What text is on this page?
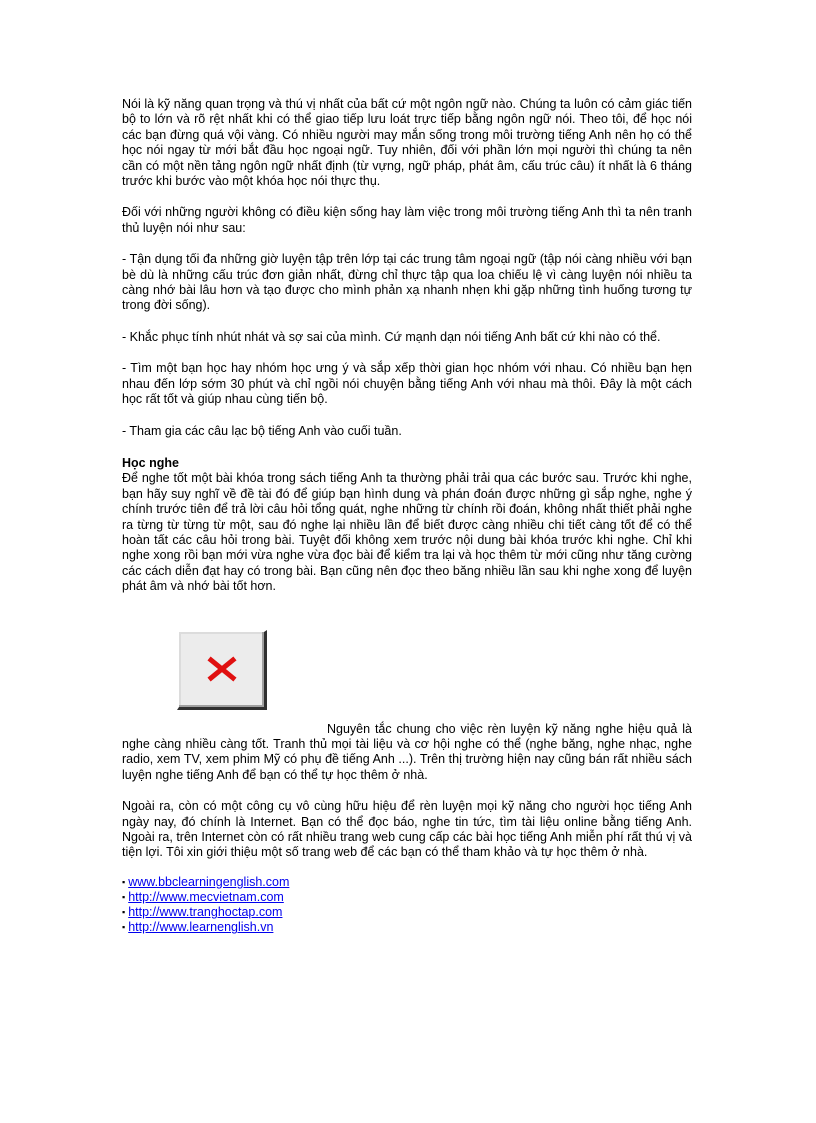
Nói là kỹ năng quan trọng và thú vị nhất của bất cứ một ngôn ngữ nào. Chúng ta luôn có cảm giác tiến bộ to lớn và rõ rệt nhất khi có thể giao tiếp lưu loát trực tiếp bằng ngôn ngữ nói. Theo tôi, để học nói các bạn đừng quá vội vàng. Có nhiều người may mắn sống trong môi trường tiếng Anh nên họ có thể học nói ngay từ mới bắt đầu học ngoại ngữ. Tuy nhiên, đối với phần lớn mọi người thì chúng ta nên cần có một nền tảng ngôn ngữ nhất định (từ vựng, ngữ pháp, phát âm, cấu trúc câu) ít nhất là 6 tháng trước khi bước vào một khóa học nói thực thụ.

Đối với những người không có điều kiện sống hay làm việc trong môi trường tiếng Anh thì ta nên tranh thủ luyện nói như sau:

- Tận dụng tối đa những giờ luyện tập trên lớp tại các trung tâm ngoại ngữ (tập nói càng nhiều với bạn bè dù là những cấu trúc đơn giản nhất, đừng chỉ thực tập qua loa chiếu lệ vì càng luyện nói nhiều ta càng nhớ bài lâu hơn và tạo được cho mình phản xạ nhanh nhẹn khi gặp những tình huống tương tự trong đời sống).

- Khắc phục tính nhút nhát và sợ sai của mình. Cứ mạnh dạn nói tiếng Anh bất cứ khi nào có thể.

- Tìm một bạn học hay nhóm học ưng ý và sắp xếp thời gian học nhóm với nhau. Có nhiều bạn hẹn nhau đến lớp sớm 30 phút và chỉ ngồi nói chuyện bằng tiếng Anh với nhau mà thôi. Đây là một cách học rất tốt và giúp nhau cùng tiến bộ.

- Tham gia các câu lạc bộ tiếng Anh vào cuối tuần.

Học nghe

Để nghe tốt một bài khóa trong sách tiếng Anh ta thường phải trải qua các bước sau. Trước khi nghe, bạn hãy suy nghĩ về đề tài đó để giúp bạn hình dung và phán đoán được những gì sắp nghe, nghe ý chính trước tiên để trả lời câu hỏi tổng quát, nghe những từ chính rồi đoán, không nhất thiết phải nghe ra từng từ từng từ một, sau đó nghe lại nhiều lần để biết được càng nhiều chi tiết càng tốt để có thể hoàn tất các câu hỏi trong bài. Tuyệt đối không xem trước nội dung bài khóa trước khi nghe. Chỉ khi nghe xong rồi bạn mới vừa nghe vừa đọc bài để kiểm tra lại và học thêm từ mới cũng như tăng cường các cách diễn đạt hay có trong bài. Bạn cũng nên đọc theo băng nhiều lần sau khi nghe xong để luyện phát âm và nhớ bài tốt hơn.

Nguyên tắc chung cho việc rèn luyện kỹ năng nghe hiệu quả là nghe càng nhiều càng tốt. Tranh thủ mọi tài liệu và cơ hội nghe có thể (nghe băng, nghe nhạc, nghe radio, xem TV, xem phim Mỹ có phụ đề tiếng Anh ...). Trên thị trường hiện nay cũng bán rất nhiều sách luyện nghe tiếng Anh để bạn có thể tự học thêm ở nhà.

Ngoài ra, còn có một công cụ vô cùng hữu hiệu để rèn luyện mọi kỹ năng cho người học tiếng Anh ngày nay, đó chính là Internet. Bạn có thể đọc báo, nghe tin tức, tìm tài liệu online bằng tiếng Anh. Ngoài ra, trên Internet còn có rất nhiều trang web cung cấp các bài học tiếng Anh miễn phí rất thú vị và tiện lợi. Tôi xin giới thiệu một số trang web để các bạn có thể tham khảo và tự học thêm ở nhà.

▪ www.bbclearningenglish.com
▪ http://www.mecvietnam.com
▪ http://www.tranghoctap.com
▪ http://www.learnenglish.vn
